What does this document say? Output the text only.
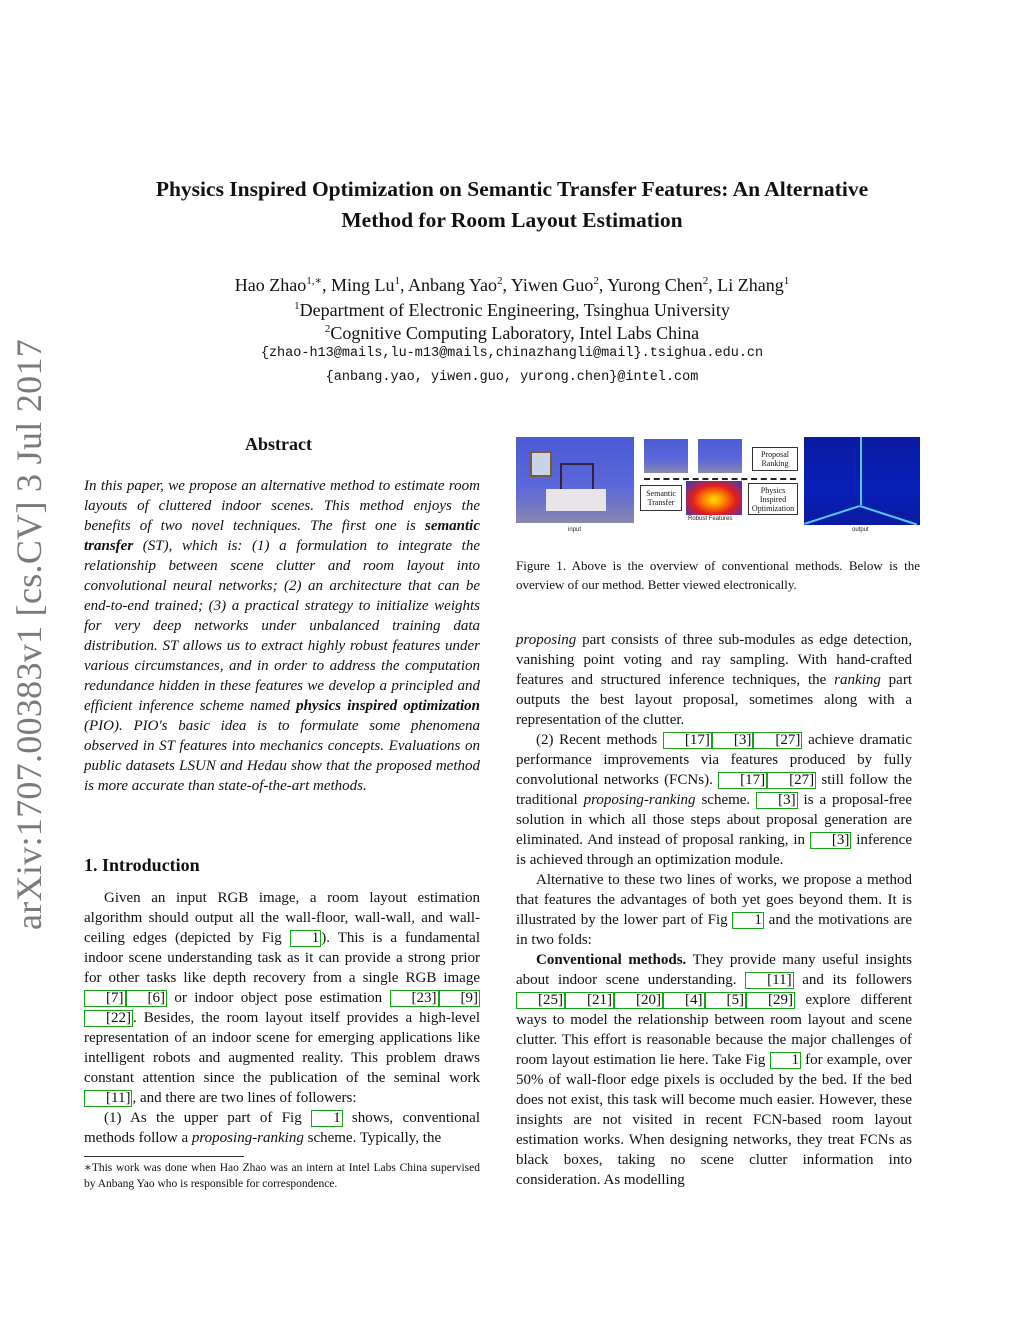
arXiv:1707.00383v1 [cs.CV] 3 Jul 2017
Physics Inspired Optimization on Semantic Transfer Features: An Alternative
Method for Room Layout Estimation
Hao Zhao$^{1,∗}$, Ming Lu$^1$, Anbang Yao$^2$, Yiwen Guo$^2$, Yurong Chen$^2$, Li Zhang$^1$
$^1$Department of Electronic Engineering, Tsinghua University
$^2$Cognitive Computing Laboratory, Intel Labs China
{zhao-h13@mails,lu-m13@mails,chinazhangli@mail}.tsighua.edu.cn
{anbang.yao, yiwen.guo, yurong.chen}@intel.com
Abstract
In this paper, we propose an alternative method to estimate room layouts of cluttered indoor scenes. This method enjoys the benefits of two novel techniques. The first one is semantic transfer (ST), which is: (1) a formulation to integrate the relationship between scene clutter and room layout into convolutional neural networks; (2) an architecture that can be end-to-end trained; (3) a practical strategy to initialize weights for very deep networks under unbalanced training data distribution. ST allows us to extract highly robust features under various circumstances, and in order to address the computation redundance hidden in these features we develop a principled and efficient inference scheme named physics inspired optimization (PIO). PIO's basic idea is to formulate some phenomena observed in ST features into mechanics concepts. Evaluations on public datasets LSUN and Hedau show that the proposed method is more accurate than state-of-the-art methods.
1. Introduction

Given an input RGB image, a room layout estimation algorithm should output all the wall-floor, wall-wall, and wall-ceiling edges (depicted by Fig 1 ). This is a fundamental indoor scene understanding task as it can provide a strong prior for other tasks like depth recovery from a single RGB image [7] [6] or indoor object pose estimation [23] [9][22] . Besides, the room layout itself provides a high-level representation of an indoor scene for emerging applications like intelligent robots and augmented reality. This problem draws constant attention since the publication of the seminal work [11] , and there are two lines of followers:

(1) As the upper part of Fig 1 shows, conventional methods follow a proposing-ranking scheme. Typically, the

∗This work was done when Hao Zhao was an intern at Intel Labs China supervised by Anbang Yao who is responsible for correspondence.
input
Proposal Ranking
Semantic Transfer
Robust Features
Physics Inspired Optimization
output
Figure 1. Above is the overview of conventional methods. Below is the overview of our method. Better viewed electronically.

proposing part consists of three sub-modules as edge detection, vanishing point voting and ray sampling. With hand-crafted features and structured inference techniques, the ranking part outputs the best layout proposal, sometimes along with a representation of the clutter.

(2) Recent methods [17] [3] [27] achieve dramatic performance improvements via features produced by fully convolutional networks (FCNs). [17] [27] still follow the traditional proposing-ranking scheme. [3] is a proposal-free solution in which all those steps about proposal generation are eliminated. And instead of proposal ranking, in [3] inference is achieved through an optimization module.

Alternative to these two lines of works, we propose a method that features the advantages of both yet goes beyond them. It is illustrated by the lower part of Fig 1 and the motivations are in two folds:

Conventional methods. They provide many useful insights about indoor scene understanding. [11] and its followers [25] [21] [20] [4] [5] [29] explore different ways to model the relationship between room layout and scene clutter. This effort is reasonable because the major challenges of room layout estimation lie here. Take Fig 1 for example, over 50% of wall-floor edge pixels is occluded by the bed. If the bed does not exist, this task will become much easier. However, these insights are not visited in recent FCN-based room layout estimation works. When designing networks, they treat FCNs as black boxes, taking no scene clutter information into consideration. As modelling
